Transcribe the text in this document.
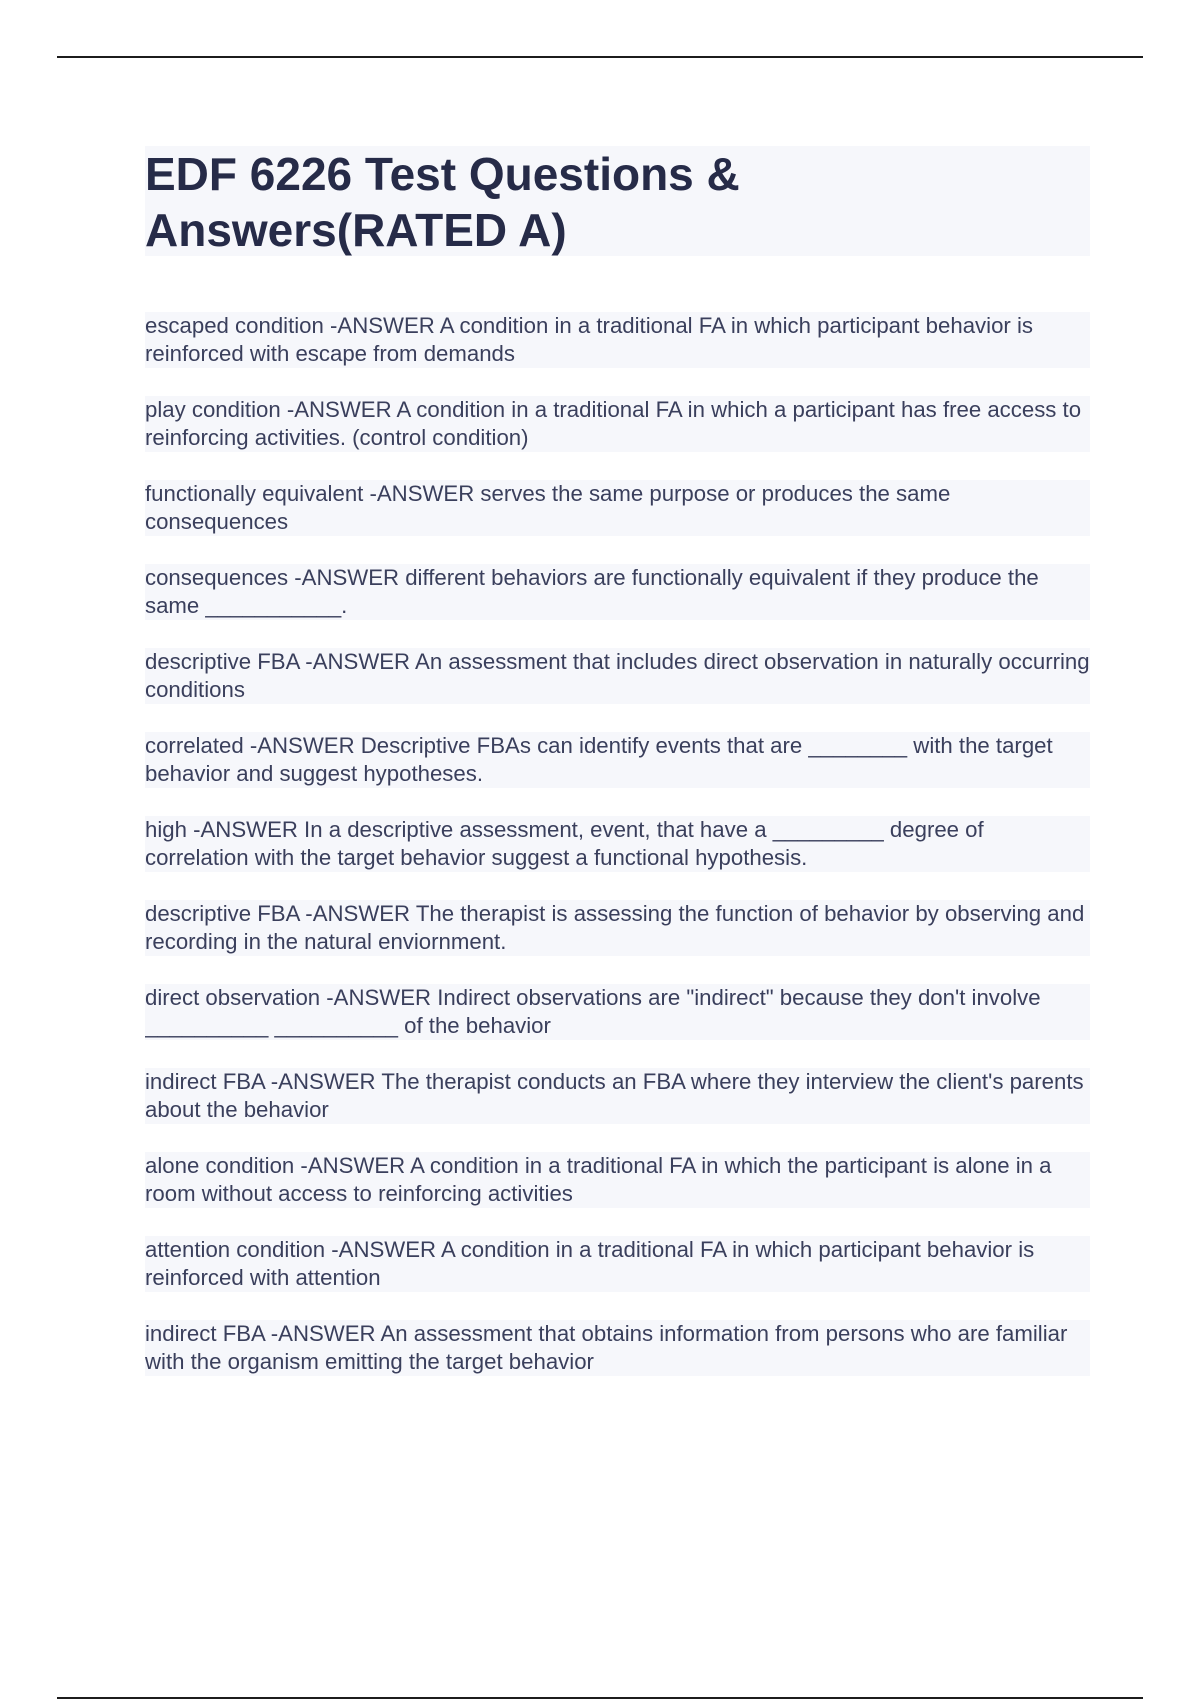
EDF 6226 Test Questions & Answers(RATED A)
escaped condition -ANSWER A condition in a traditional FA in which participant behavior is reinforced with escape from demands
play condition -ANSWER A condition in a traditional FA in which a participant has free access to reinforcing activities. (control condition)
functionally equivalent -ANSWER serves the same purpose or produces the same consequences
consequences -ANSWER different behaviors are functionally equivalent if they produce the same ___________.
descriptive FBA -ANSWER An assessment that includes direct observation in naturally occurring conditions
correlated -ANSWER Descriptive FBAs can identify events that are ________ with the target behavior and suggest hypotheses.
high -ANSWER In a descriptive assessment, event, that have a _________ degree of correlation with the target behavior suggest a functional hypothesis.
descriptive FBA -ANSWER The therapist is assessing the function of behavior by observing and recording in the natural enviornment.
direct observation -ANSWER Indirect observations are "indirect" because they don't involve __________ __________ of the behavior
indirect FBA -ANSWER The therapist conducts an FBA where they interview the client's parents about the behavior
alone condition -ANSWER A condition in a traditional FA in which the participant is alone in a room without access to reinforcing activities
attention condition -ANSWER A condition in a traditional FA in which participant behavior is reinforced with attention
indirect FBA -ANSWER An assessment that obtains information from persons who are familiar with the organism emitting the target behavior
